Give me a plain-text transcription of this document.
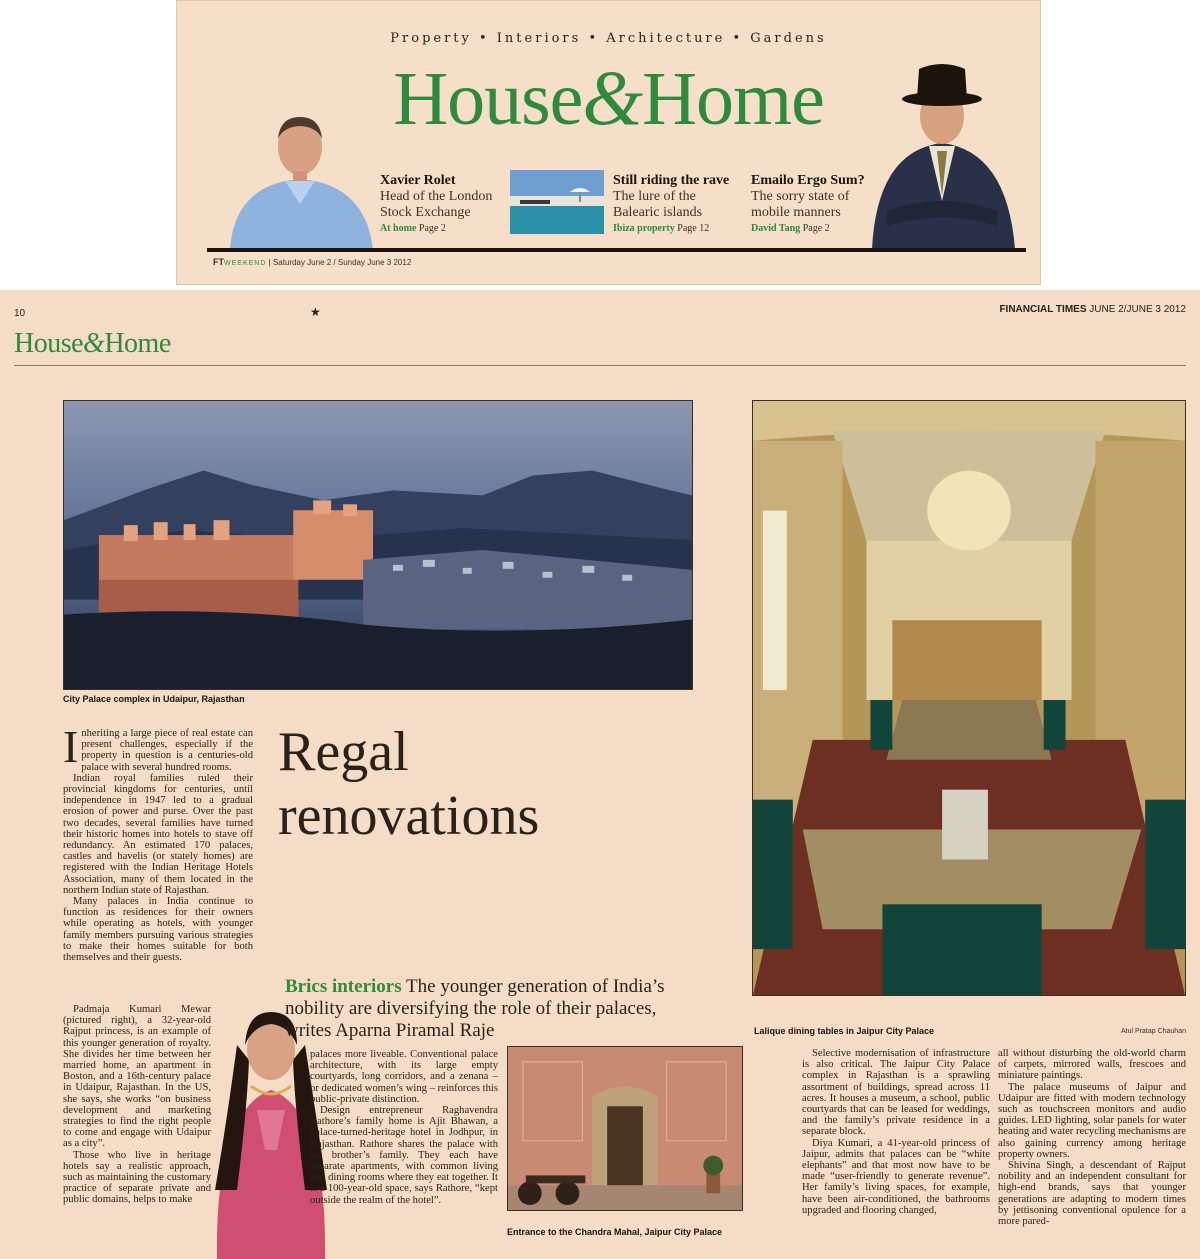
Property • Interiors • Architecture • Gardens
House&Home
Xavier Rolet
Head of the London
Stock Exchange
At home Page 2
Still riding the rave
The lure of the
Balearic islands
Ibiza property Page 12
Emailo Ergo Sum?
The sorry state of
mobile manners
David Tang Page 2
FTWEEKEND | Saturday June 2 / Sunday June 3 2012
10	★	FINANCIAL TIMES JUNE 2/JUNE 3 2012
House&Home
City Palace complex in Udaipur, Rajasthan
Regal
renovations
Lalique dining tables in Jaipur City Palace	Atul Pratap Chauhan
Entrance to the Chandra Mahal, Jaipur City Palace
Brics interiors The younger generation of India’s nobility are diversifying the role of their palaces, writes Aparna Piramal Raje

Inheriting a large piece of real estate can present challenges, especially if the property in question is a centuries-old palace with several hundred rooms.

Indian royal families ruled their provincial kingdoms for centuries, until independence in 1947 led to a gradual erosion of power and purse. Over the past two decades, several families have turned their historic homes into hotels to stave off redundancy. An estimated 170 palaces, castles and havelis (or stately homes) are registered with the Indian Heritage Hotels Association, many of them located in the northern Indian state of Rajasthan.

Many palaces in India continue to function as residences for their owners while operating as hotels, with younger family members pursuing various strategies to make their homes suitable for both themselves and their guests.

Padmaja Kumari Mewar (pictured right), a 32-year-old Rajput princess, is an example of this younger generation of royalty. She divides her time between her married home, an apartment in Boston, and a 16th-century palace in Udaipur, Rajasthan. In the US, she says, she works “on business development and marketing strategies to find the right people to come and engage with Udaipur as a city”.

Those who live in heritage hotels say a realistic approach, such as maintaining the customary practice of separate private and public domains, helps to make

palaces more liveable. Conventional palace architecture, with its large empty courtyards, long corridors, and a zenana – or dedicated women’s wing – reinforces this public-private distinction.

Design entrepreneur Raghavendra Rathore’s family home is Ajit Bhawan, a palace-turned-heritage hotel in Jodhpur, in Rajasthan. Rathore shares the palace with his brother’s family. They each have separate apartments, with common living and dining rooms where they eat together. It is a 100-year-old space, says Rathore, “kept outside the realm of the hotel”.

Selective modernisation of infrastructure is also critical. The Jaipur City Palace complex in Rajasthan is a sprawling assortment of buildings, spread across 11 acres. It houses a museum, a school, public courtyards that can be leased for weddings, and the family’s private residence in a separate block.

Diya Kumari, a 41-year-old princess of Jaipur, admits that palaces can be “white elephants” and that most now have to be made “user-friendly to generate revenue”. Her family’s living spaces, for example, have been air-conditioned, the bathrooms upgraded and flooring changed,

all without disturbing the old-world charm of carpets, mirrored walls, frescoes and miniature paintings.

The palace museums of Jaipur and Udaipur are fitted with modern technology such as touchscreen monitors and audio guides. LED lighting, solar panels for water heating and water recycling mechanisms are also gaining currency among heritage property owners.

Shivina Singh, a descendant of Rajput nobility and an independent consultant for high-end brands, says that younger generations are adapting to modern times by jettisoning conventional opulence for a more pared-
